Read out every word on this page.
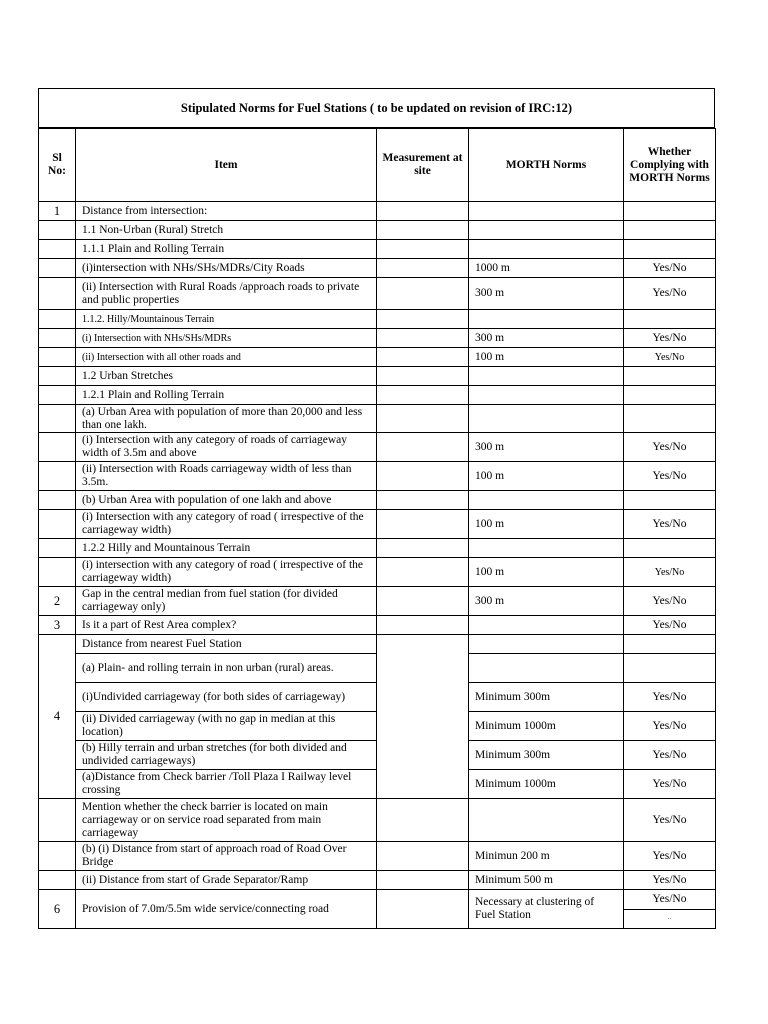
Stipulated Norms for Fuel Stations ( to be updated on revision of IRC:12)
Sl No:	Item	Measurement at site	MORTH Norms	Whether Complying with MORTH Norms
1	Distance from intersection:			
	1.1 Non-Urban (Rural) Stretch			
	1.1.1 Plain and Rolling Terrain			
	(i)intersection with NHs/SHs/MDRs/City Roads		1000 m	Yes/No
	(ii) Intersection with Rural Roads /approach roads to private and public properties		300 m	Yes/No
	1.1.2. Hilly/Mountainous Terrain			
	(i) Intersection with NHs/SHs/MDRs		300 m	Yes/No
	(ii) Intersection with all other roads and		100 m	Yes/No
	1.2 Urban Stretches			
	1.2.1 Plain and Rolling Terrain			
	(a) Urban Area with population of more than 20,000 and less than one lakh.			
	(i) Intersection with any category of roads of carriageway width of 3.5m and above		300 m	Yes/No
	(ii) Intersection with Roads carriageway width of less than 3.5m.		100 m	Yes/No
	(b) Urban Area with population of one lakh and above			
	(i) Intersection with any category of road ( irrespective of the carriageway width)		100 m	Yes/No
	1.2.2 Hilly and Mountainous Terrain			
	(i) intersection with any category of road ( irrespective of the carriageway width)		100 m	Yes/No
2	Gap in the central median from fuel station (for divided carriageway only)		300 m	Yes/No
3	Is it a part of Rest Area complex?			Yes/No
4	Distance from nearest Fuel Station			
	(a) Plain- and rolling terrain in non urban (rural) areas.			
	(i)Undivided carriageway (for both sides of carriageway)		Minimum 300m	Yes/No
	(ii) Divided carriageway (with no gap in median at this location)		Minimum 1000m	Yes/No
	(b) Hilly terrain and urban stretches (for both divided and undivided carriageways)		Minimum 300m	Yes/No
	(a)Distance from Check barrier /Toll Plaza I Railway level crossing		Minimum 1000m	Yes/No
	Mention whether the check barrier is located on main carriageway or on service road separated from main carriageway			Yes/No
	(b) (i) Distance from start of approach road of Road Over Bridge		Minimun 200 m	Yes/No
	(ii) Distance from start of Grade Separator/Ramp		Minimum 500 m	Yes/No
6	Provision of 7.0m/5.5m wide service/connecting road		Necessary at clustering of Fuel Station	Yes/No
..
